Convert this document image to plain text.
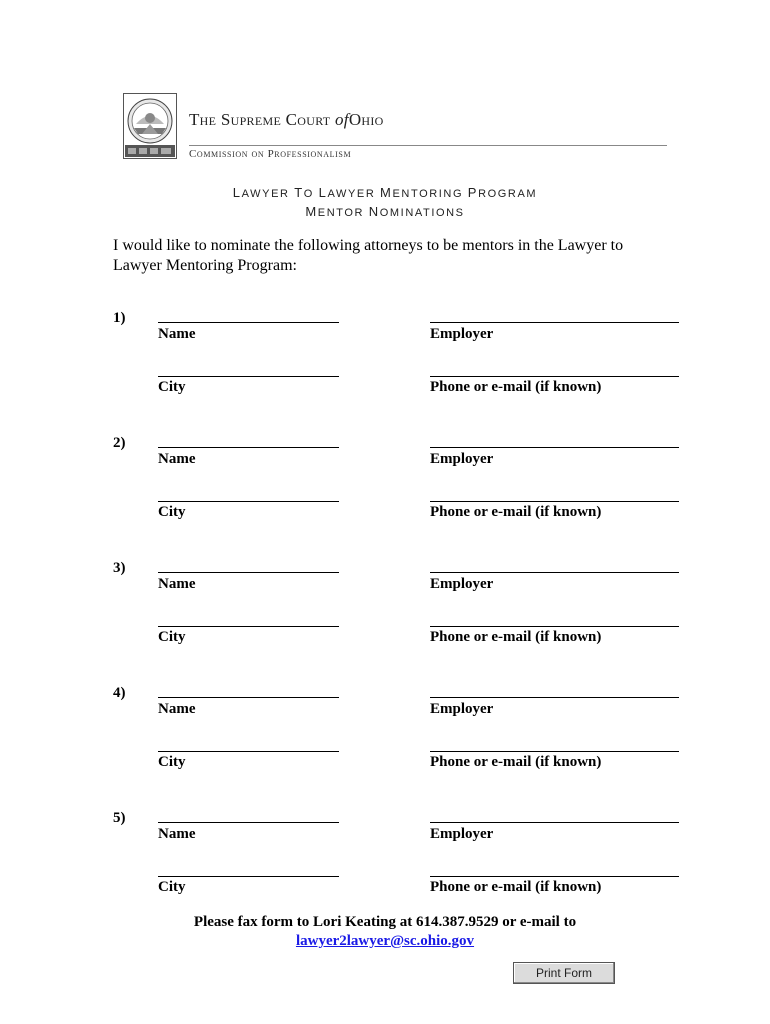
The Supreme Court ofOhio
Commission on Professionalism
LAWYER TO LAWYER MENTORING PROGRAM
MENTOR NOMINATIONS
I would like to nominate the following attorneys to be mentors in the Lawyer to Lawyer Mentoring Program:
1)
Name	Employer
City	Phone or e-mail (if known)
2)
Name	Employer
City	Phone or e-mail (if known)
3)
Name	Employer
City	Phone or e-mail (if known)
4)
Name	Employer
City	Phone or e-mail (if known)
5)
Name	Employer
City	Phone or e-mail (if known)
Please fax form to Lori Keating at 614.387.9529 or e-mail to
lawyer2lawyer@sc.ohio.gov
Print Form
